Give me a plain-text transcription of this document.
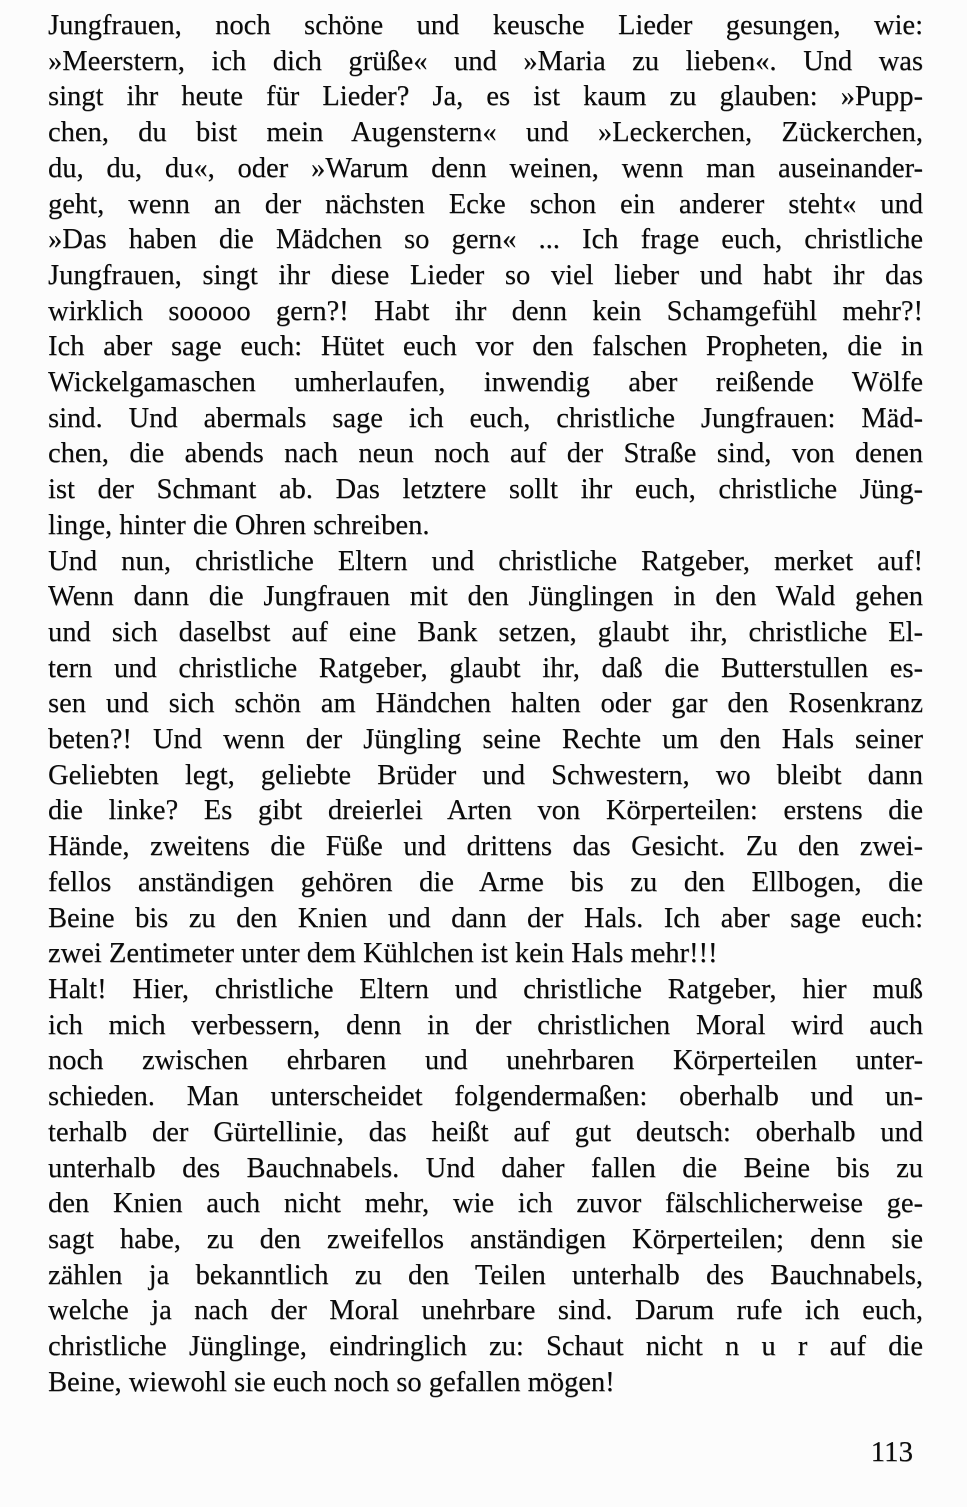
Jungfrauen, noch schöne und keusche Lieder gesungen, wie:
»Meerstern, ich dich grüße« und »Maria zu lieben«. Und was
singt ihr heute für Lieder? Ja, es ist kaum zu glauben: »Pupp-
chen, du bist mein Augenstern« und »Leckerchen, Zückerchen,
du, du, du«, oder »Warum denn weinen, wenn man auseinander-
geht, wenn an der nächsten Ecke schon ein anderer steht« und
»Das haben die Mädchen so gern« ... Ich frage euch, christliche
Jungfrauen, singt ihr diese Lieder so viel lieber und habt ihr das
wirklich sooooo gern?! Habt ihr denn kein Schamgefühl mehr?!
Ich aber sage euch: Hütet euch vor den falschen Propheten, die in
Wickelgamaschen umherlaufen, inwendig aber reißende Wölfe
sind. Und abermals sage ich euch, christliche Jungfrauen: Mäd-
chen, die abends nach neun noch auf der Straße sind, von denen
ist der Schmant ab. Das letztere sollt ihr euch, christliche Jüng-
linge, hinter die Ohren schreiben.
Und nun, christliche Eltern und christliche Ratgeber, merket auf!
Wenn dann die Jungfrauen mit den Jünglingen in den Wald gehen
und sich daselbst auf eine Bank setzen, glaubt ihr, christliche El-
tern und christliche Ratgeber, glaubt ihr, daß die Butterstullen es-
sen und sich schön am Händchen halten oder gar den Rosenkranz
beten?! Und wenn der Jüngling seine Rechte um den Hals seiner
Geliebten legt, geliebte Brüder und Schwestern, wo bleibt dann
die linke? Es gibt dreierlei Arten von Körperteilen: erstens die
Hände, zweitens die Füße und drittens das Gesicht. Zu den zwei-
fellos anständigen gehören die Arme bis zu den Ellbogen, die
Beine bis zu den Knien und dann der Hals. Ich aber sage euch:
zwei Zentimeter unter dem Kühlchen ist kein Hals mehr!!!
Halt! Hier, christliche Eltern und christliche Ratgeber, hier muß
ich mich verbessern, denn in der christlichen Moral wird auch
noch zwischen ehrbaren und unehrbaren Körperteilen unter-
schieden. Man unterscheidet folgendermaßen: oberhalb und un-
terhalb der Gürtellinie, das heißt auf gut deutsch: oberhalb und
unterhalb des Bauchnabels. Und daher fallen die Beine bis zu
den Knien auch nicht mehr, wie ich zuvor fälschlicherweise ge-
sagt habe, zu den zweifellos anständigen Körperteilen; denn sie
zählen ja bekanntlich zu den Teilen unterhalb des Bauchnabels,
welche ja nach der Moral unehrbare sind. Darum rufe ich euch,
christliche Jünglinge, eindringlich zu: Schaut nicht n u r auf die
Beine, wiewohl sie euch noch so gefallen mögen!
113
